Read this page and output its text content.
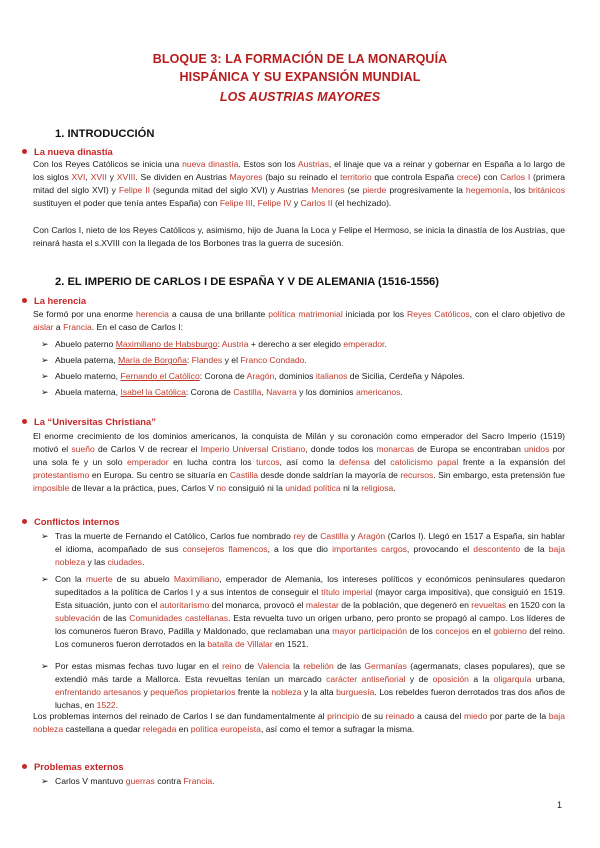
BLOQUE 3: LA FORMACIÓN DE LA MONARQUÍA
HISPÁNICA Y SU EXPANSIÓN MUNDIAL
LOS AUSTRIAS MAYORES
1. INTRODUCCIÓN
La nueva dinastía

Con los Reyes Católicos se inicia una nueva dinastía. Estos son los Austrias, el linaje que va a reinar y gobernar en España a lo largo de los siglos XVI, XVII y XVIII. Se dividen en Austrias Mayores (bajo su reinado el territorio que controla España crece) con Carlos I (primera mitad del siglo XVI) y Felipe II (segunda mitad del siglo XVI) y Austrias Menores (se pierde progresivamente la hegemonía, los británicos sustituyen el poder que tenía antes España) con Felipe III, Felipe IV y Carlos II (el hechizado).

Con Carlos I, nieto de los Reyes Católicos y, asimismo, hijo de Juana la Loca y Felipe el Hermoso, se inicia la dinastía de los Austrias, que reinará hasta el s.XVIII con la llegada de los Borbones tras la guerra de sucesión.

2. EL IMPERIO DE CARLOS I DE ESPAÑA Y V DE ALEMANIA (1516-1556)
La herencia

Se formó por una enorme herencia a causa de una brillante política matrimonial iniciada por los Reyes Católicos, con el claro objetivo de aislar a Francia. En el caso de Carlos I:

➢ Abuelo paterno Maximiliano de Habsburgo: Austria + derecho a ser elegido emperador.
➢ Abuela paterna, María de Borgoña: Flandes y el Franco Condado.
➢ Abuelo materno, Fernando el Católico: Corona de Aragón, dominios italianos de Sicilia, Cerdeña y Nápoles.
➢ Abuela materna, Isabel la Católica: Corona de Castilla, Navarra y los dominios americanos.
La “Universitas Christiana”

El enorme crecimiento de los dominios americanos, la conquista de Milán y su coronación como emperador del Sacro Imperio (1519) motivó el sueño de Carlos V de recrear el Imperio Universal Cristiano, donde todos los monarcas de Europa se encontraban unidos por una sola fe y un solo emperador en lucha contra los turcos, así como la defensa del catolicismo papal frente a la expansión del protestantismo en Europa. Su centro se situaría en Castilla desde donde saldrían la mayoría de recursos. Sin embargo, esta pretensión fue imposible de llevar a la práctica, pues, Carlos V no consiguió ni la unidad política ni la religiosa.

Conflictos internos
➢ Tras la muerte de Fernando el Católico, Carlos fue nombrado rey de Castilla y Aragón (Carlos I). Llegó en 1517 a España, sin hablar el idioma, acompañado de sus consejeros flamencos, a los que dio importantes cargos, provocando el descontento de la baja nobleza y las ciudades.
➢ Con la muerte de su abuelo Maximiliano, emperador de Alemania, los intereses políticos y económicos peninsulares quedaron supeditados a la política de Carlos I y a sus intentos de conseguir el título imperial (mayor carga impositiva), que consiguió en 1519. Esta situación, junto con el autoritarismo del monarca, provocó el malestar de la población, que degeneró en revueltas en 1520 con la sublevación de las Comunidades castellanas. Esta revuelta tuvo un origen urbano, pero pronto se propagó al campo. Los líderes de los comuneros fueron Bravo, Padilla y Maldonado, que reclamaban una mayor participación de los concejos en el gobierno del reino. Los comuneros fueron derrotados en la batalla de Villalar en 1521.
➢ Por estas mismas fechas tuvo lugar en el reino de Valencia la rebelión de las Germanías (agermanats, clases populares), que se extendió más tarde a Mallorca. Esta revueltas tenían un marcado carácter antiseñorial y de oposición a la oligarquía urbana, enfrentando artesanos y pequeños propietarios frente la nobleza y la alta burguesía. Los rebeldes fueron derrotados tras dos años de luchas, en 1522.

Los problemas internos del reinado de Carlos I se dan fundamentalmente al principio de su reinado a causa del miedo por parte de la baja nobleza castellana a quedar relegada en política europeísta, así como el temor a sufragar la misma.

Problemas externos
➢ Carlos V mantuvo guerras contra Francia.
1
